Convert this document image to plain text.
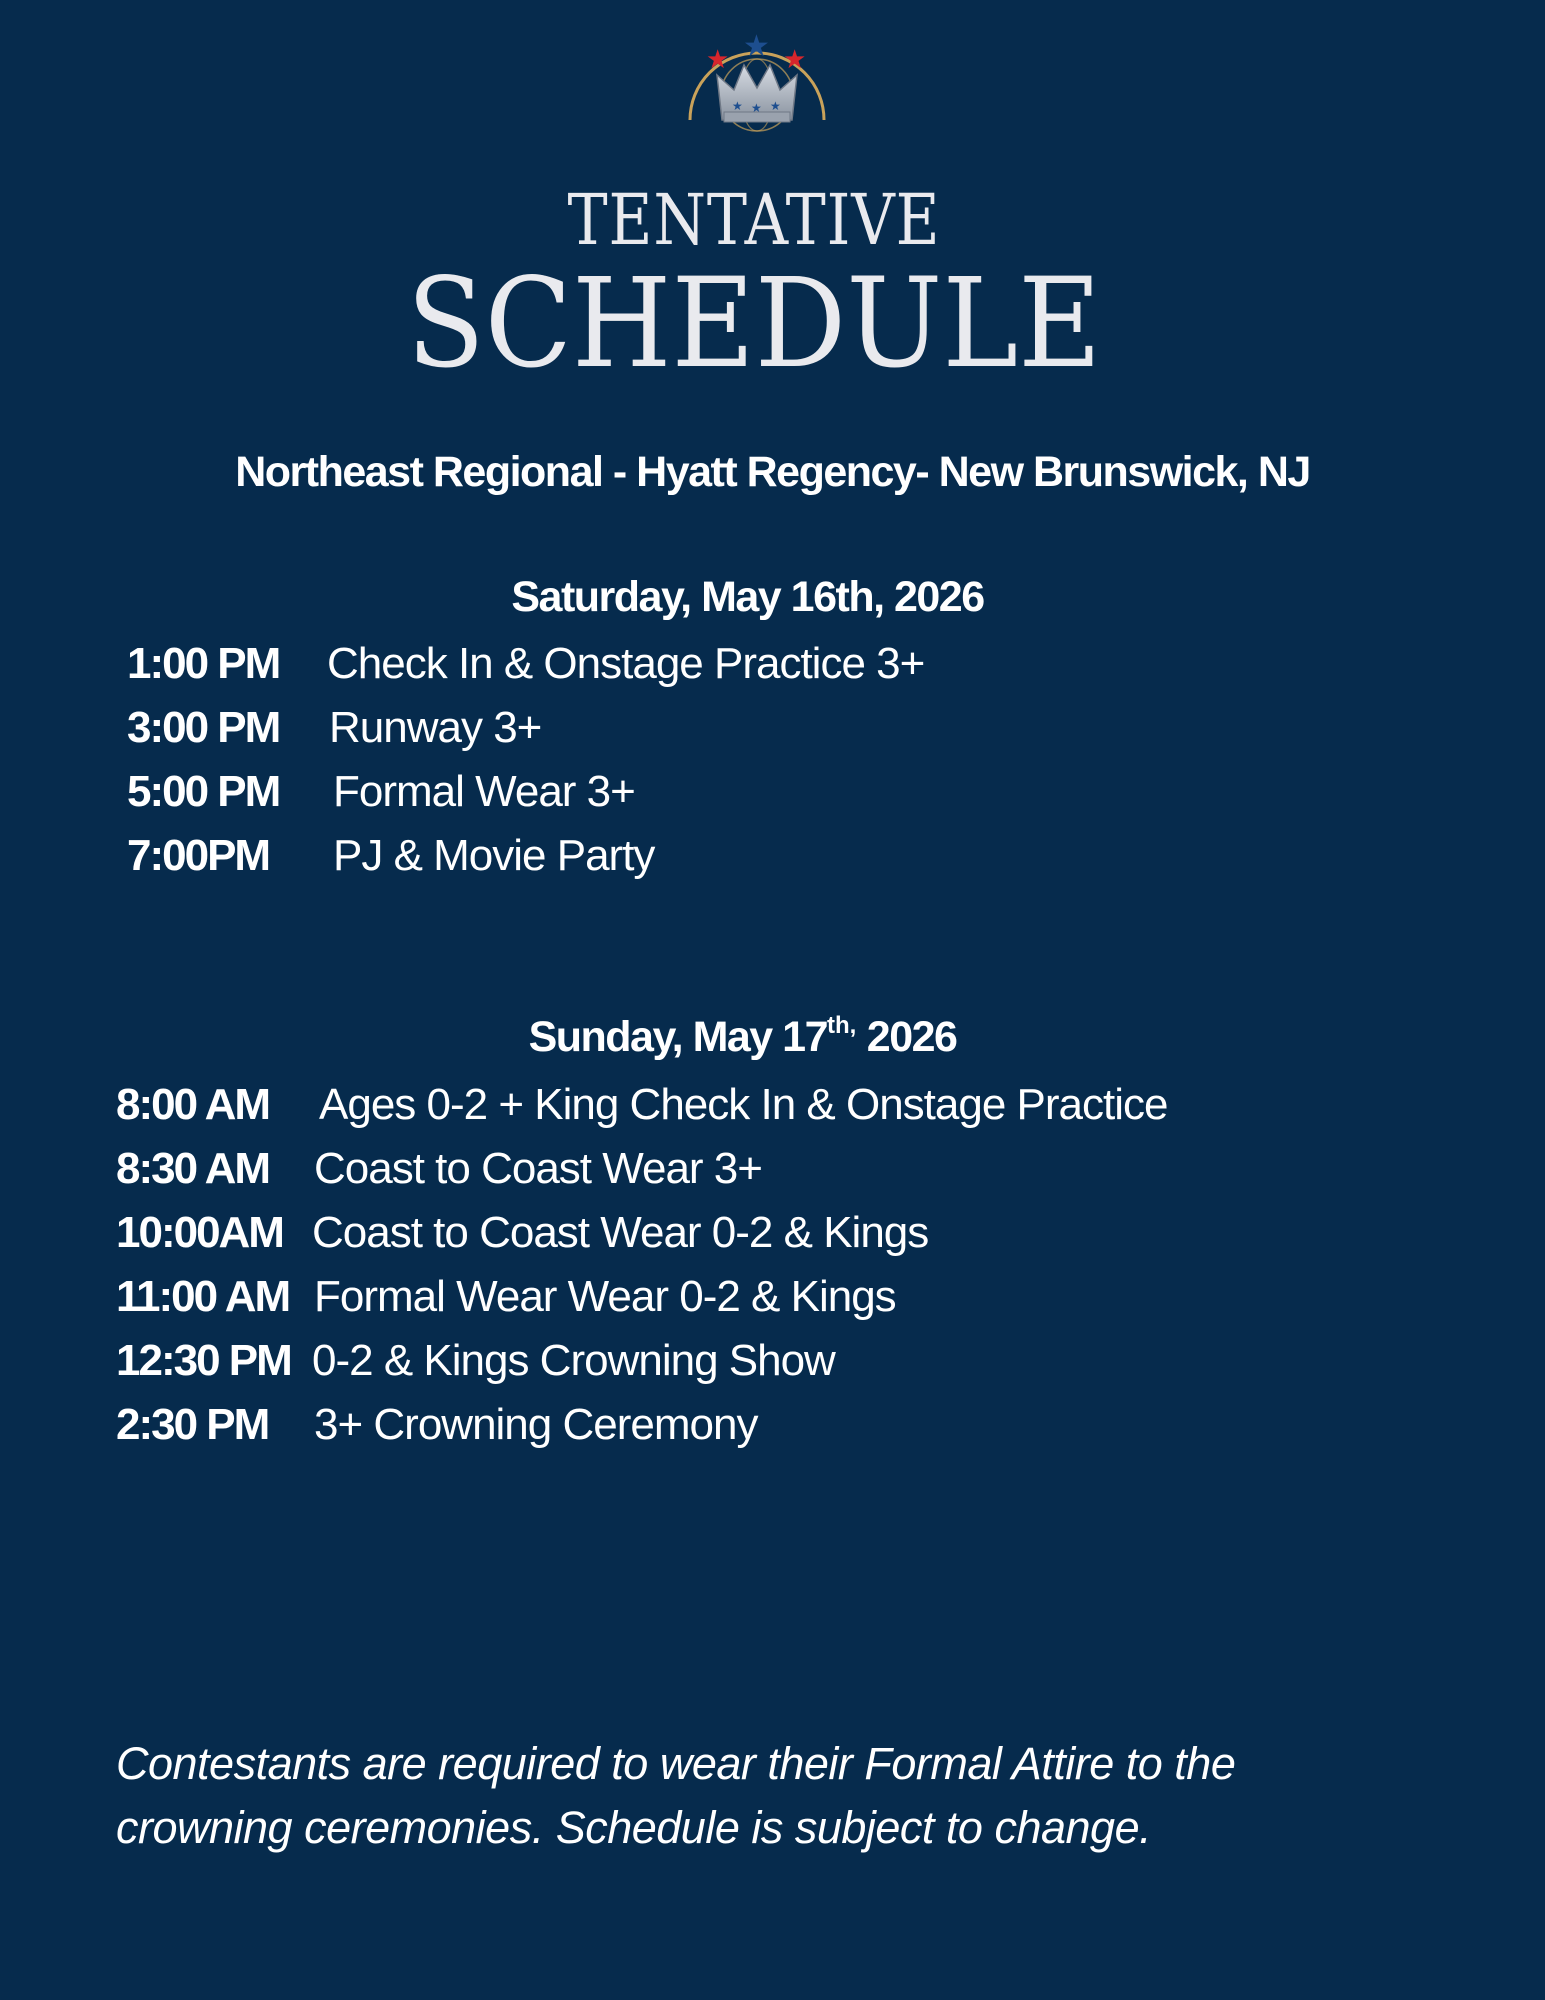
★ ★ ★
★ ★ ★
TENTATIVE
SCHEDULE
Northeast Regional - Hyatt Regency- New Brunswick, NJ
Saturday, May 16th, 2026
1:00 PM Check In & Onstage Practice 3+
3:00 PM Runway 3+
5:00 PM Formal Wear 3+
7:00PM PJ & Movie Party
Sunday, May $17^{th,}$ 2026
8:00 AM Ages 0-2 + King Check In & Onstage Practice
8:30 AM Coast to Coast Wear 3+
10:00AM Coast to Coast Wear 0-2 & Kings
11:00 AM Formal Wear Wear 0-2 & Kings
12:30 PM 0-2 & Kings Crowning Show
2:30 PM 3+ Crowning Ceremony
Contestants are required to wear their Formal Attire to the
crowning ceremonies. Schedule is subject to change.
